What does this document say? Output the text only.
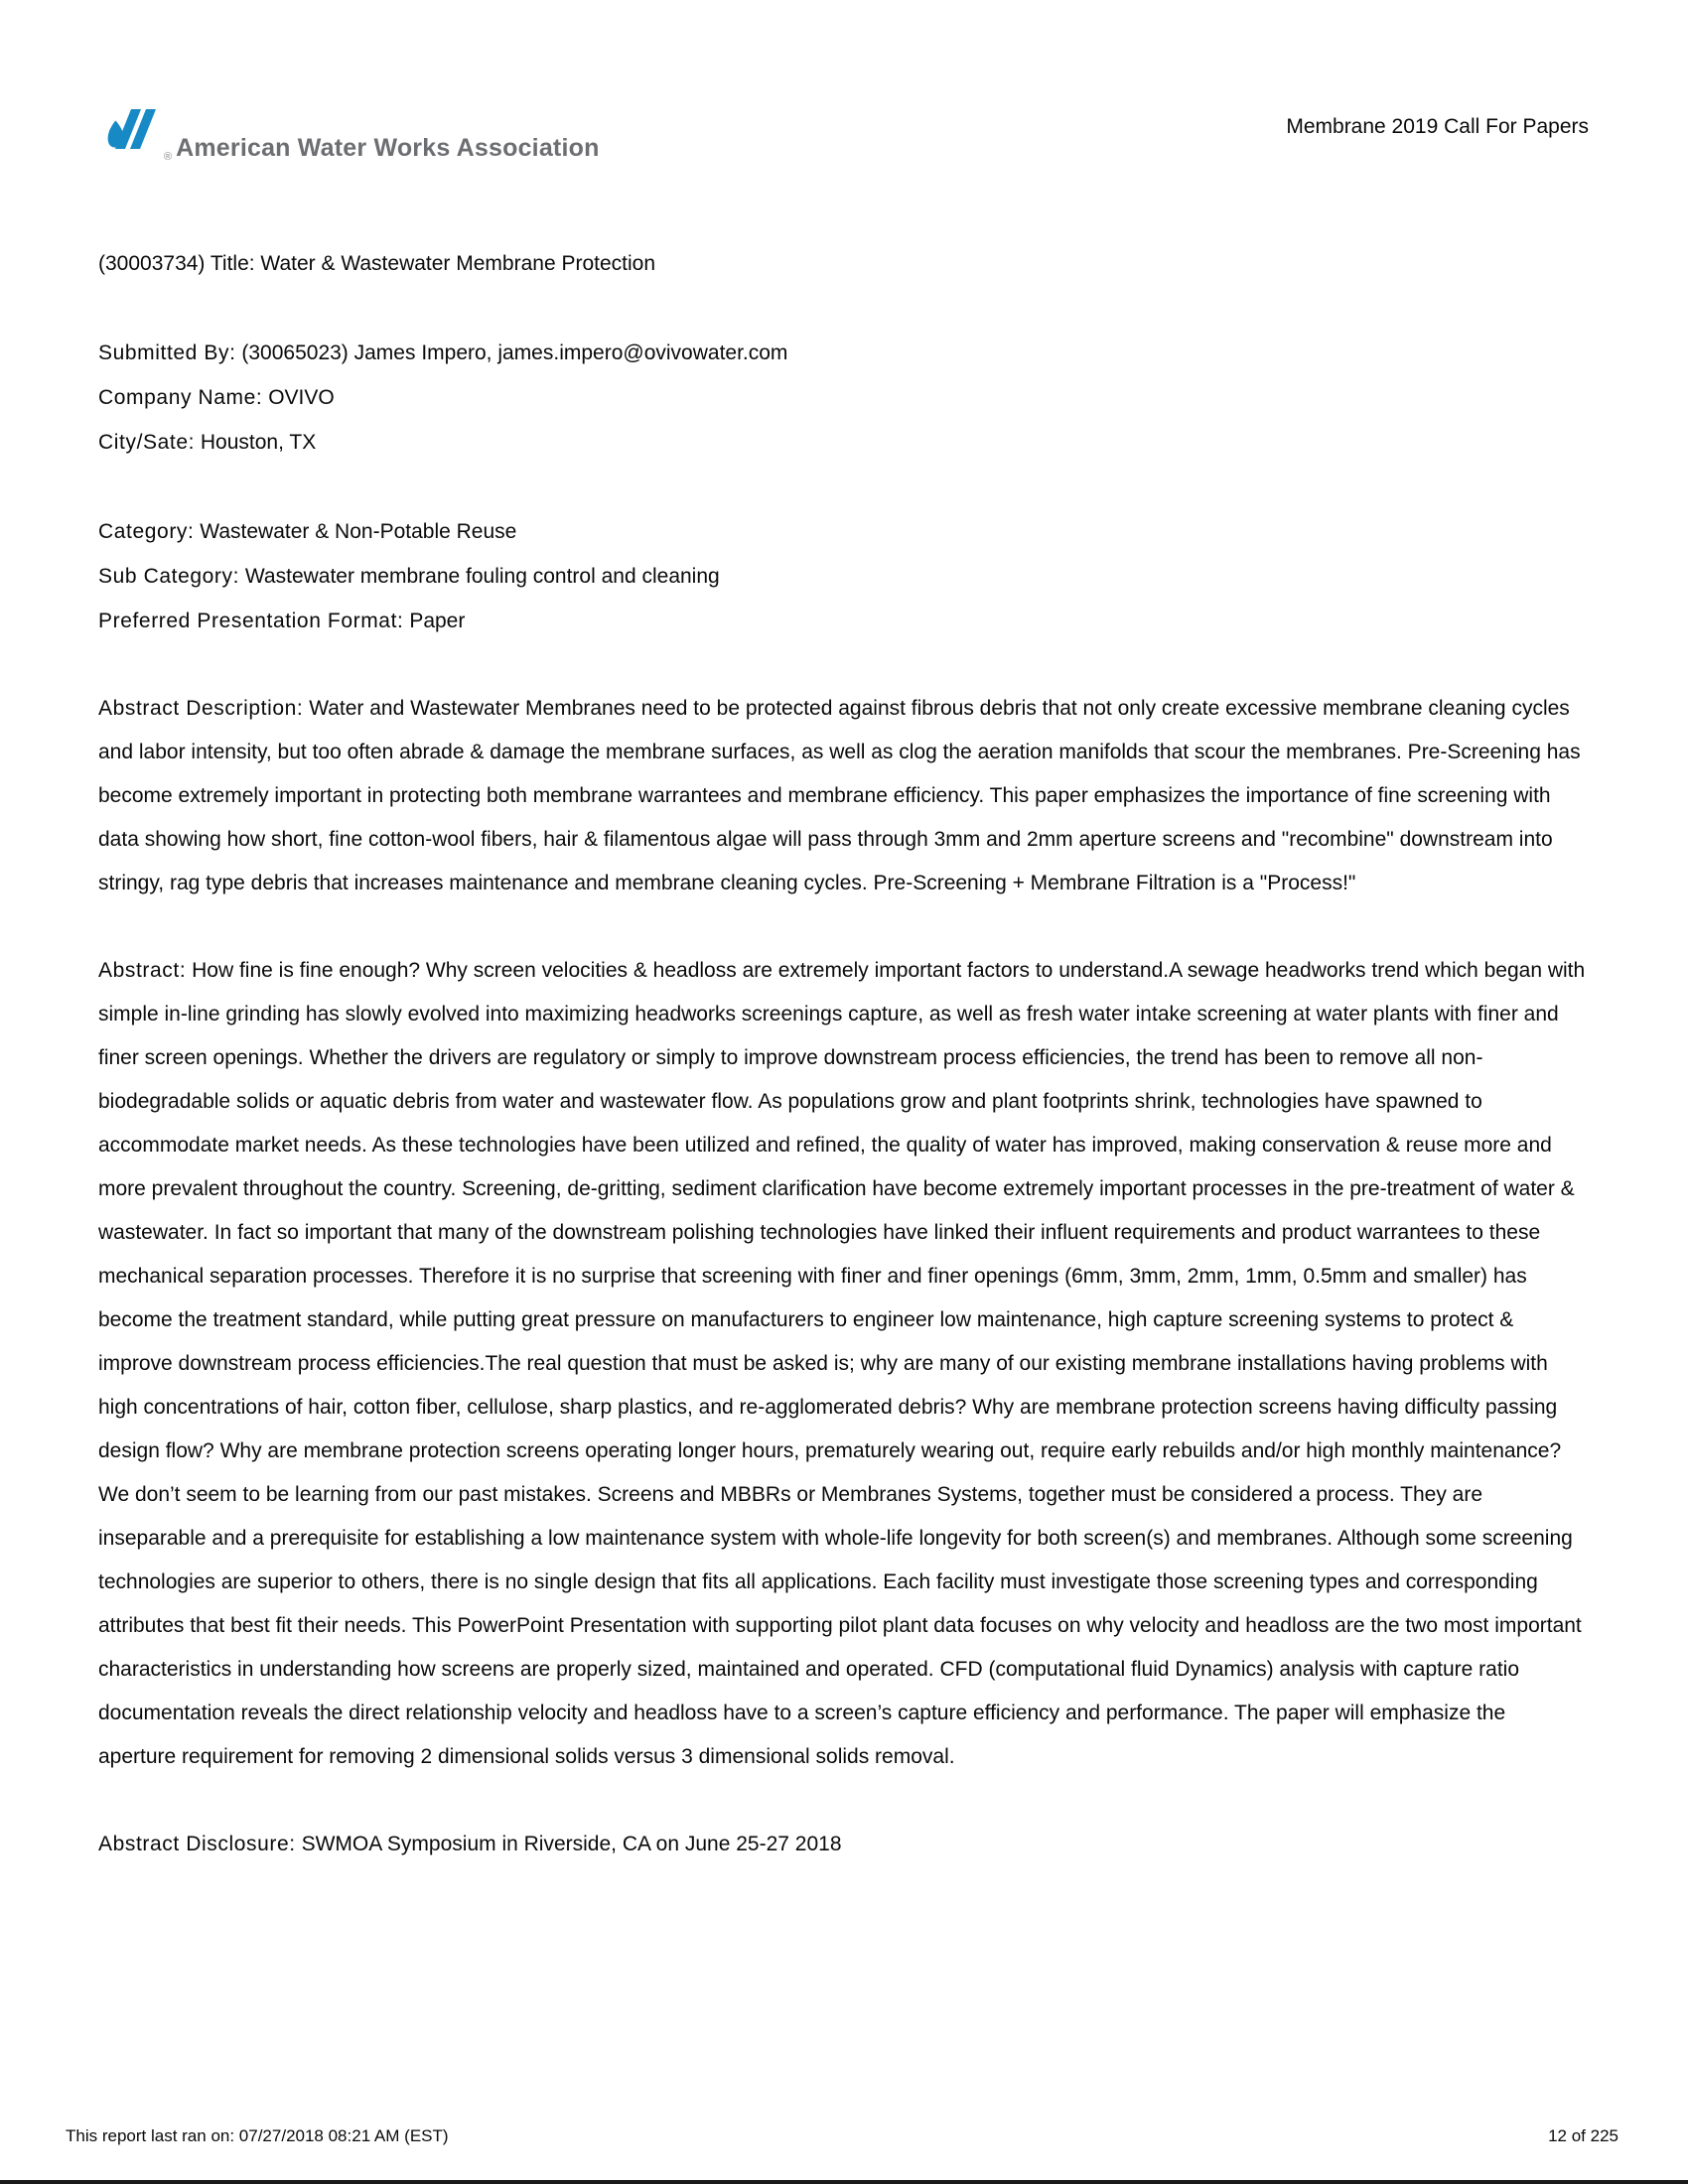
® American Water Works Association
Membrane 2019 Call For Papers
(30003734) Title: Water & Wastewater Membrane Protection
Submitted By: (30065023) James Impero, james.impero@ovivowater.com
Company Name: OVIVO
City/Sate: Houston, TX
Category: Wastewater & Non-Potable Reuse
Sub Category: Wastewater membrane fouling control and cleaning
Preferred Presentation Format: Paper
Abstract Description: Water and Wastewater Membranes need to be protected against fibrous debris that not only create excessive membrane cleaning cycles and labor intensity, but too often abrade & damage the membrane surfaces, as well as clog the aeration manifolds that scour the membranes. Pre-Screening has become extremely important in protecting both membrane warrantees and membrane efficiency. This paper emphasizes the importance of fine screening with data showing how short, fine cotton-wool fibers, hair & filamentous algae will pass through 3mm and 2mm aperture screens and "recombine" downstream into stringy, rag type debris that increases maintenance and membrane cleaning cycles. Pre-Screening + Membrane Filtration is a "Process!"
Abstract: How fine is fine enough? Why screen velocities & headloss are extremely important factors to understand.A sewage headworks trend which began with simple in-line grinding has slowly evolved into maximizing headworks screenings capture, as well as fresh water intake screening at water plants with finer and finer screen openings. Whether the drivers are regulatory or simply to improve downstream process efficiencies, the trend has been to remove all non-biodegradable solids or aquatic debris from water and wastewater flow. As populations grow and plant footprints shrink, technologies have spawned to accommodate market needs. As these technologies have been utilized and refined, the quality of water has improved, making conservation & reuse more and more prevalent throughout the country. Screening, de-gritting, sediment clarification have become extremely important processes in the pre-treatment of water & wastewater. In fact so important that many of the downstream polishing technologies have linked their influent requirements and product warrantees to these mechanical separation processes. Therefore it is no surprise that screening with finer and finer openings (6mm, 3mm, 2mm, 1mm, 0.5mm and smaller) has become the treatment standard, while putting great pressure on manufacturers to engineer low maintenance, high capture screening systems to protect & improve downstream process efficiencies.The real question that must be asked is; why are many of our existing membrane installations having problems with high concentrations of hair, cotton fiber, cellulose, sharp plastics, and re-agglomerated debris? Why are membrane protection screens having difficulty passing design flow? Why are membrane protection screens operating longer hours, prematurely wearing out, require early rebuilds and/or high monthly maintenance? We don’t seem to be learning from our past mistakes. Screens and MBBRs or Membranes Systems, together must be considered a process. They are inseparable and a prerequisite for establishing a low maintenance system with whole-life longevity for both screen(s) and membranes. Although some screening technologies are superior to others, there is no single design that fits all applications. Each facility must investigate those screening types and corresponding attributes that best fit their needs. This PowerPoint Presentation with supporting pilot plant data focuses on why velocity and headloss are the two most important characteristics in understanding how screens are properly sized, maintained and operated. CFD (computational fluid Dynamics) analysis with capture ratio documentation reveals the direct relationship velocity and headloss have to a screen’s capture efficiency and performance. The paper will emphasize the aperture requirement for removing 2 dimensional solids versus 3 dimensional solids removal.
Abstract Disclosure: SWMOA Symposium in Riverside, CA on June 25-27 2018
This report last ran on: 07/27/2018 08:21 AM (EST)	12 of 225
